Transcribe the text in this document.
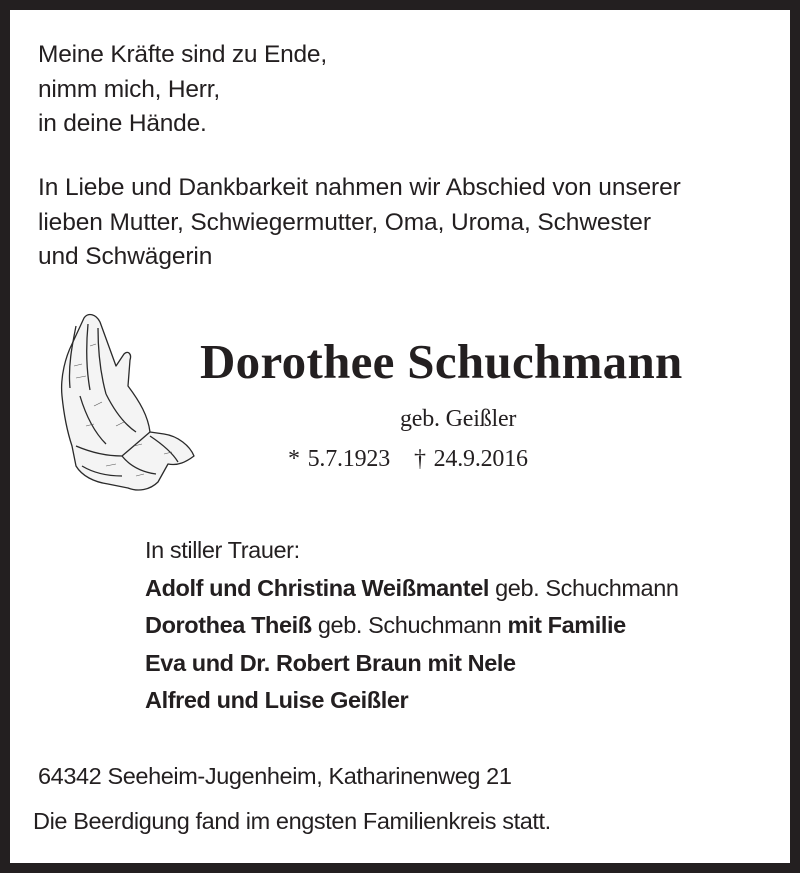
Meine Kräfte sind zu Ende,
nimm mich, Herr,
in deine Hände.
In Liebe und Dankbarkeit nahmen wir Abschied von unserer
lieben Mutter, Schwiegermutter, Oma, Uroma, Schwester
und Schwägerin
Dorothee Schuchmann
geb. Geißler
* 5.7.1923 † 24.9.2016
In stiller Trauer:
Adolf und Christina Weißmantel geb. Schuchmann
Dorothea Theiß geb. Schuchmann mit Familie
Eva und Dr. Robert Braun mit Nele
Alfred und Luise Geißler
64342 Seeheim-Jugenheim, Katharinenweg 21
Die Beerdigung fand im engsten Familienkreis statt.
